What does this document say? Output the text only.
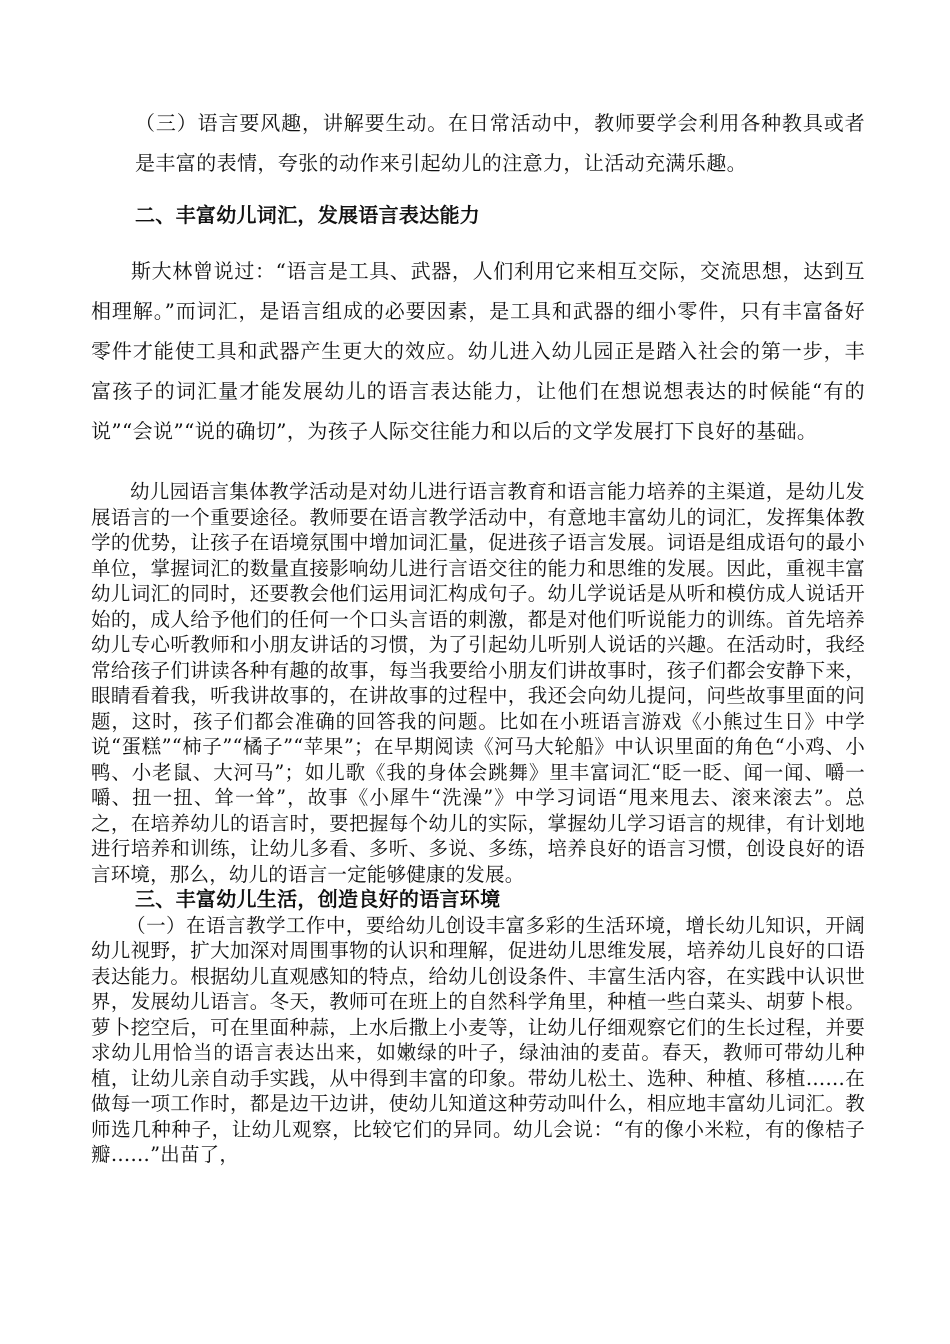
（三）语言要风趣，讲解要生动。在日常活动中，教师要学会利用各种教具或者是丰富的表情，夸张的动作来引起幼儿的注意力，让活动充满乐趣。

二、丰富幼儿词汇，发展语言表达能力

斯大林曾说过：“语言是工具、武器，人们利用它来相互交际，交流思想，达到互相理解。”而词汇，是语言组成的必要因素，是工具和武器的细小零件，只有丰富备好零件才能使工具和武器产生更大的效应。幼儿进入幼儿园正是踏入社会的第一步，丰富孩子的词汇量才能发展幼儿的语言表达能力，让他们在想说想表达的时候能“有的说”“会说”“说的确切”，为孩子人际交往能力和以后的文学发展打下良好的基础。

幼儿园语言集体教学活动是对幼儿进行语言教育和语言能力培养的主渠道，是幼儿发展语言的一个重要途径。教师要在语言教学活动中，有意地丰富幼儿的词汇，发挥集体教学的优势，让孩子在语境氛围中增加词汇量，促进孩子语言发展。词语是组成语句的最小单位，掌握词汇的数量直接影响幼儿进行言语交往的能力和思维的发展。因此，重视丰富幼儿词汇的同时，还要教会他们运用词汇构成句子。幼儿学说话是从听和模仿成人说话开始的，成人给予他们的任何一个口头言语的刺激，都是对他们听说能力的训练。首先培养幼儿专心听教师和小朋友讲话的习惯，为了引起幼儿听别人说话的兴趣。在活动时，我经常给孩子们讲读各种有趣的故事，每当我要给小朋友们讲故事时，孩子们都会安静下来，眼睛看着我，听我讲故事的，在讲故事的过程中，我还会向幼儿提问，问些故事里面的问题，这时，孩子们都会准确的回答我的问题。比如在小班语言游戏《小熊过生日》中学说“蛋糕”“柿子”“橘子”“苹果”；在早期阅读《河马大轮船》中认识里面的角色“小鸡、小鸭、小老鼠、大河马”；如儿歌《我的身体会跳舞》里丰富词汇“眨一眨、闻一闻、嚼一嚼、扭一扭、耸一耸”，故事《小犀牛“洗澡”》中学习词语“甩来甩去、滚来滚去”。总之，在培养幼儿的语言时，要把握每个幼儿的实际，掌握幼儿学习语言的规律，有计划地进行培养和训练，让幼儿多看、多听、多说、多练，培养良好的语言习惯，创设良好的语言环境，那么，幼儿的语言一定能够健康的发展。

三、丰富幼儿生活，创造良好的语言环境

（一）在语言教学工作中，要给幼儿创设丰富多彩的生活环境，增长幼儿知识，开阔幼儿视野，扩大加深对周围事物的认识和理解，促进幼儿思维发展，培养幼儿良好的口语表达能力。根据幼儿直观感知的特点，给幼儿创设条件、丰富生活内容，在实践中认识世界，发展幼儿语言。冬天，教师可在班上的自然科学角里，种植一些白菜头、胡萝卜根。萝卜挖空后，可在里面种蒜，上水后撒上小麦等，让幼儿仔细观察它们的生长过程，并要求幼儿用恰当的语言表达出来，如嫩绿的叶子，绿油油的麦苗。春天，教师可带幼儿种植，让幼儿亲自动手实践，从中得到丰富的印象。带幼儿松土、选种、种植、移植……在做每一项工作时，都是边干边讲，使幼儿知道这种劳动叫什么，相应地丰富幼儿词汇。教师选几种种子，让幼儿观察，比较它们的异同。幼儿会说：“有的像小米粒，有的像桔子瓣……”出苗了，
